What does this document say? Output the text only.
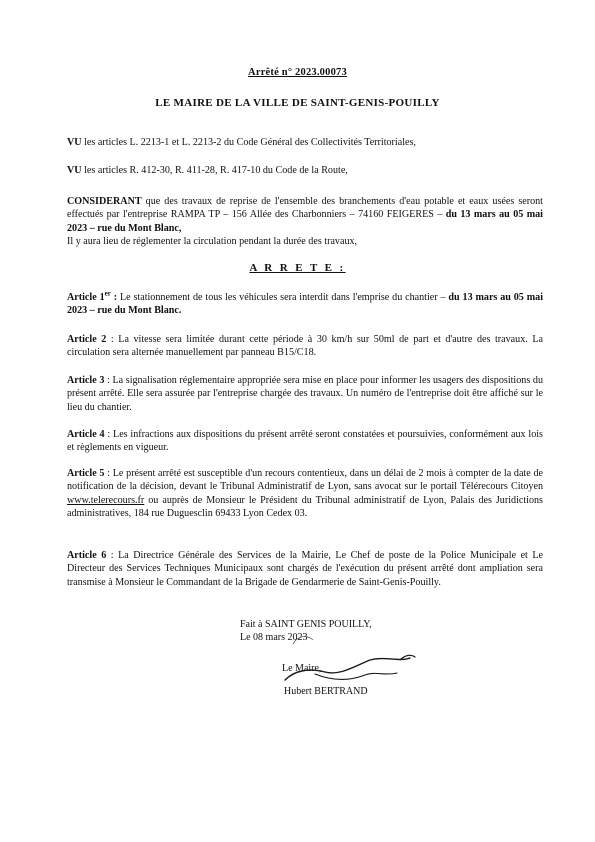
Arrêté n° 2023.00073
LE MAIRE DE LA VILLE DE SAINT-GENIS-POUILLY
VU les articles L. 2213-1 et L. 2213-2 du Code Général des Collectivités Territoriales,
VU les articles R. 412-30, R. 411-28, R. 417-10 du Code de la Route,
CONSIDERANT que des travaux de reprise de l'ensemble des branchements d'eau potable et eaux usées seront effectués par l'entreprise RAMPA TP – 156 Allée des Charbonniers – 74160 FEIGERES – du 13 mars au 05 mai 2023 – rue du Mont Blanc,
Il y aura lieu de réglementer la circulation pendant la durée des travaux,
A R R E T E :
Article 1er : Le stationnement de tous les véhicules sera interdit dans l'emprise du chantier – du 13 mars au 05 mai 2023 – rue du Mont Blanc.
Article 2 : La vitesse sera limitée durant cette période à 30 km/h sur 50ml de part et d'autre des travaux. La circulation sera alternée manuellement par panneau B15/C18.
Article 3 : La signalisation réglementaire appropriée sera mise en place pour informer les usagers des dispositions du présent arrêté. Elle sera assurée par l'entreprise chargée des travaux. Un numéro de l'entreprise doit être affiché sur le lieu du chantier.
Article 4 : Les infractions aux dispositions du présent arrêté seront constatées et poursuivies, conformément aux lois et règlements en vigueur.
Article 5 : Le présent arrêté est susceptible d'un recours contentieux, dans un délai de 2 mois à compter de la date de notification de la décision, devant le Tribunal Administratif de Lyon, sans avocat sur le portail Télérecours Citoyen www.telerecours.fr ou auprès de Monsieur le Président du Tribunal administratif de Lyon, Palais des Juridictions administratives, 184 rue Duguesclin 69433 Lyon Cedex 03.
Article 6 : La Directrice Générale des Services de la Mairie, Le Chef de poste de la Police Municipale et Le Directeur des Services Techniques Municipaux sont chargés de l'exécution du présent arrêté dont ampliation sera transmise à Monsieur le Commandant de la Brigade de Gendarmerie de Saint-Genis-Pouilly.
Fait à SAINT GENIS POUILLY,
Le 08 mars 2023
Le Maire,
Hubert BERTRAND
